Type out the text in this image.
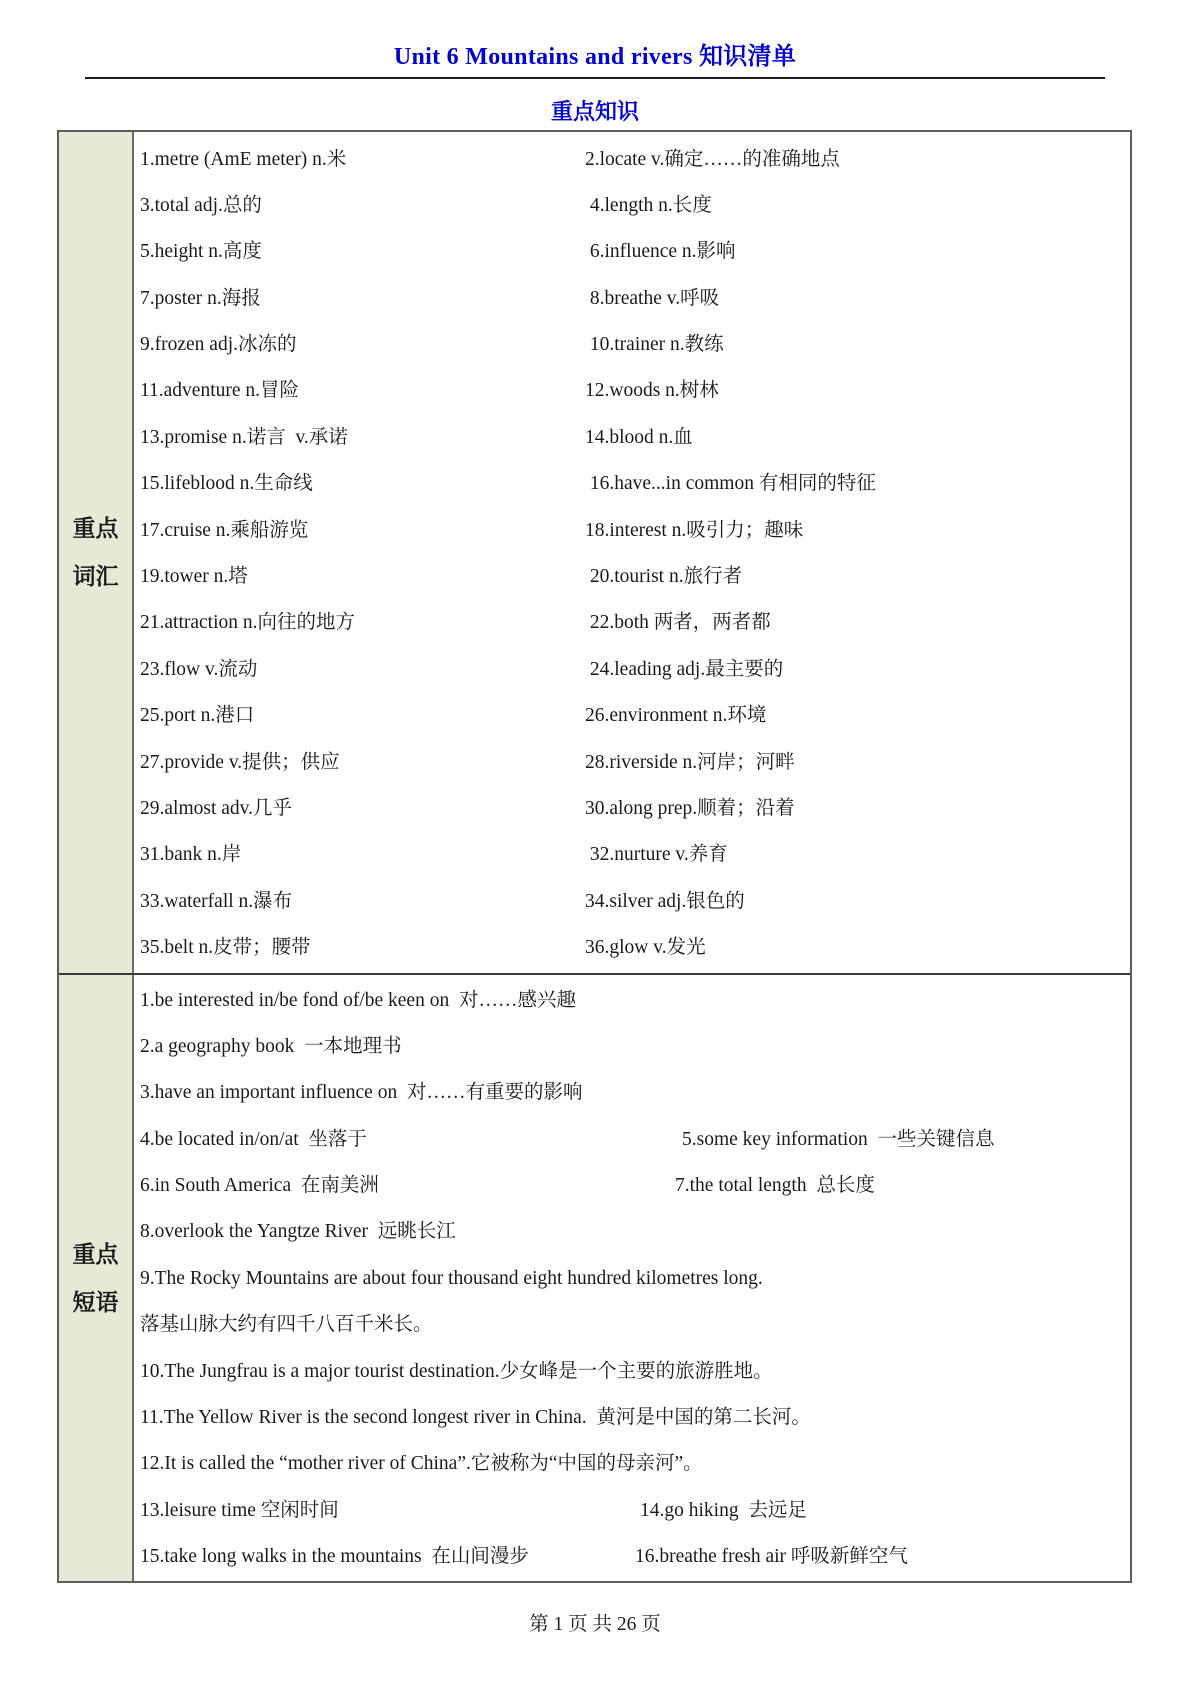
Unit 6 Mountains and rivers 知识清单
重点知识
重点
词汇
1.metre (AmE meter) n.米	2.locate v.确定……的准确地点
3.total adj.总的	4.length n.长度
5.height n.高度	6.influence n.影响
7.poster n.海报	8.breathe v.呼吸
9.frozen adj.冰冻的	10.trainer n.教练
11.adventure n.冒险	12.woods n.树林
13.promise n.诺言  v.承诺	14.blood n.血
15.lifeblood n.生命线	16.have...in common 有相同的特征
17.cruise n.乘船游览	18.interest n.吸引力；趣味
19.tower n.塔	20.tourist n.旅行者
21.attraction n.向往的地方	22.both 两者，两者都
23.flow v.流动	24.leading adj.最主要的
25.port n.港口	26.environment n.环境
27.provide v.提供；供应	28.riverside n.河岸；河畔
29.almost adv.几乎	30.along prep.顺着；沿着
31.bank n.岸	32.nurture v.养育
33.waterfall n.瀑布	34.silver adj.银色的
35.belt n.皮带；腰带	36.glow v.发光
重点
短语
1.be interested in/be fond of/be keen on  对……感兴趣
2.a geography book  一本地理书
3.have an important influence on  对……有重要的影响
4.be located in/on/at  坐落于	5.some key information  一些关键信息
6.in South America  在南美洲	7.the total length  总长度
8.overlook the Yangtze River  远眺长江
9.The Rocky Mountains are about four thousand eight hundred kilometres long.
落基山脉大约有四千八百千米长。
10.The Jungfrau is a major tourist destination.少女峰是一个主要的旅游胜地。
11.The Yellow River is the second longest river in China.  黄河是中国的第二长河。
12.It is called the “mother river of China”.它被称为“中国的母亲河”。
13.leisure time 空闲时间	14.go hiking  去远足
15.take long walks in the mountains  在山间漫步	16.breathe fresh air 呼吸新鲜空气
第 1 页 共 26 页
